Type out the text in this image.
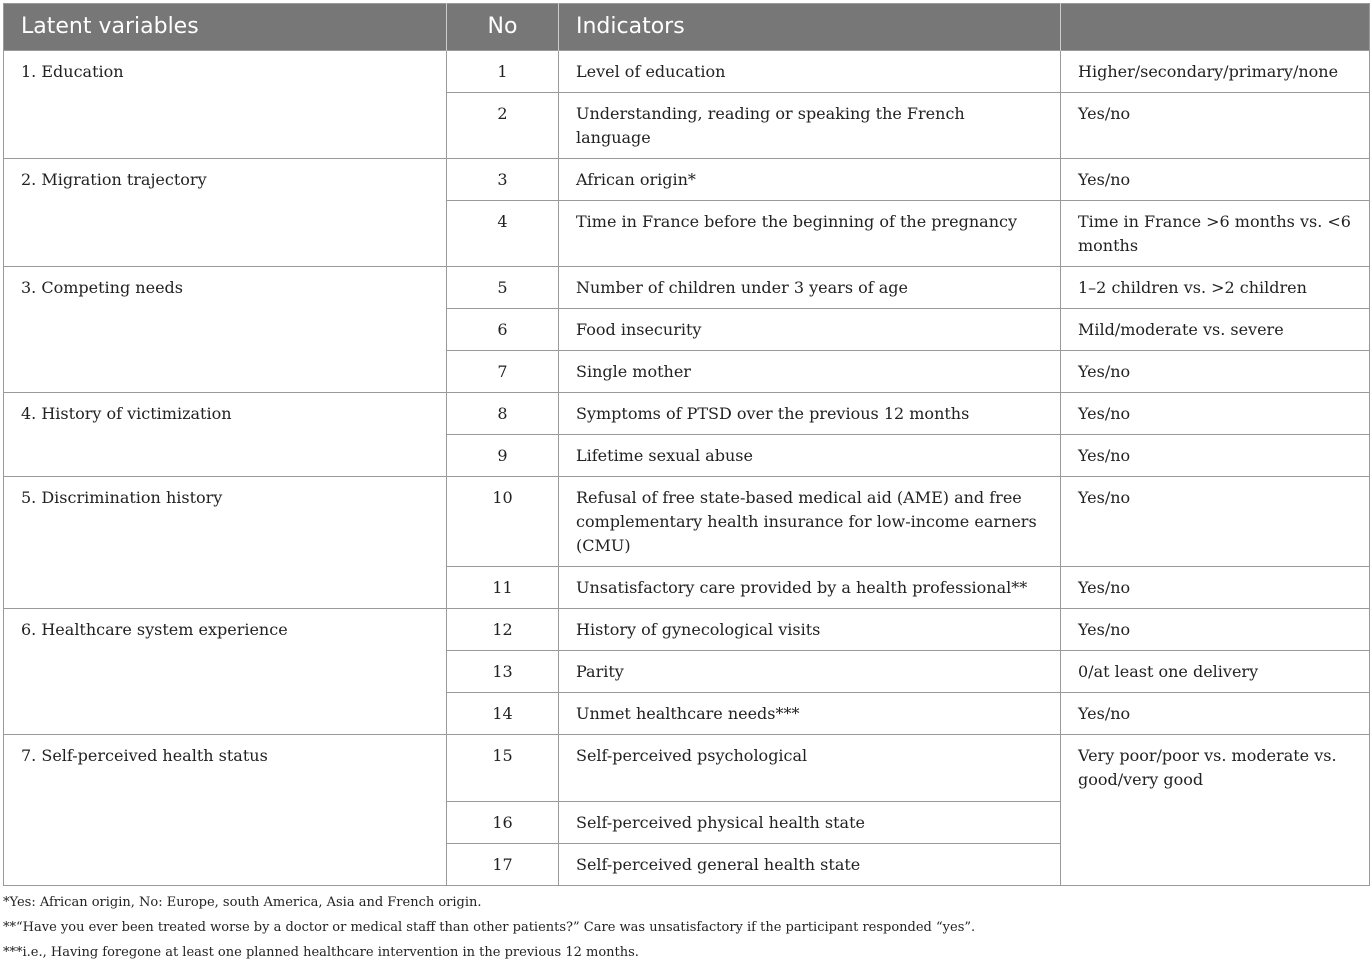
Latent variables	No	Indicators	
1. Education	1	Level of education	Higher/secondary/primary/none
	2	Understanding, reading or speaking the French language	Yes/no
2. Migration trajectory	3	African origin*	Yes/no
	4	Time in France before the beginning of the pregnancy	Time in France >6 months vs. <6 months
3. Competing needs	5	Number of children under 3 years of age	1–2 children vs. >2 children
	6	Food insecurity	Mild/moderate vs. severe
	7	Single mother	Yes/no
4. History of victimization	8	Symptoms of PTSD over the previous 12 months	Yes/no
	9	Lifetime sexual abuse	Yes/no
5. Discrimination history	10	Refusal of free state-based medical aid (AME) and free complementary health insurance for low-income earners (CMU)	Yes/no
	11	Unsatisfactory care provided by a health professional**	Yes/no
6. Healthcare system experience	12	History of gynecological visits	Yes/no
	13	Parity	0/at least one delivery
	14	Unmet healthcare needs***	Yes/no
7. Self-perceived health status	15	Self-perceived psychological	Very poor/poor vs. moderate vs. good/very good
	16	Self-perceived physical health state	
	17	Self-perceived general health state	
*Yes: African origin, No: Europe, south America, Asia and French origin.
**“Have you ever been treated worse by a doctor or medical staff than other patients?” Care was unsatisfactory if the participant responded “yes”.
***i.e., Having foregone at least one planned healthcare intervention in the previous 12 months.
